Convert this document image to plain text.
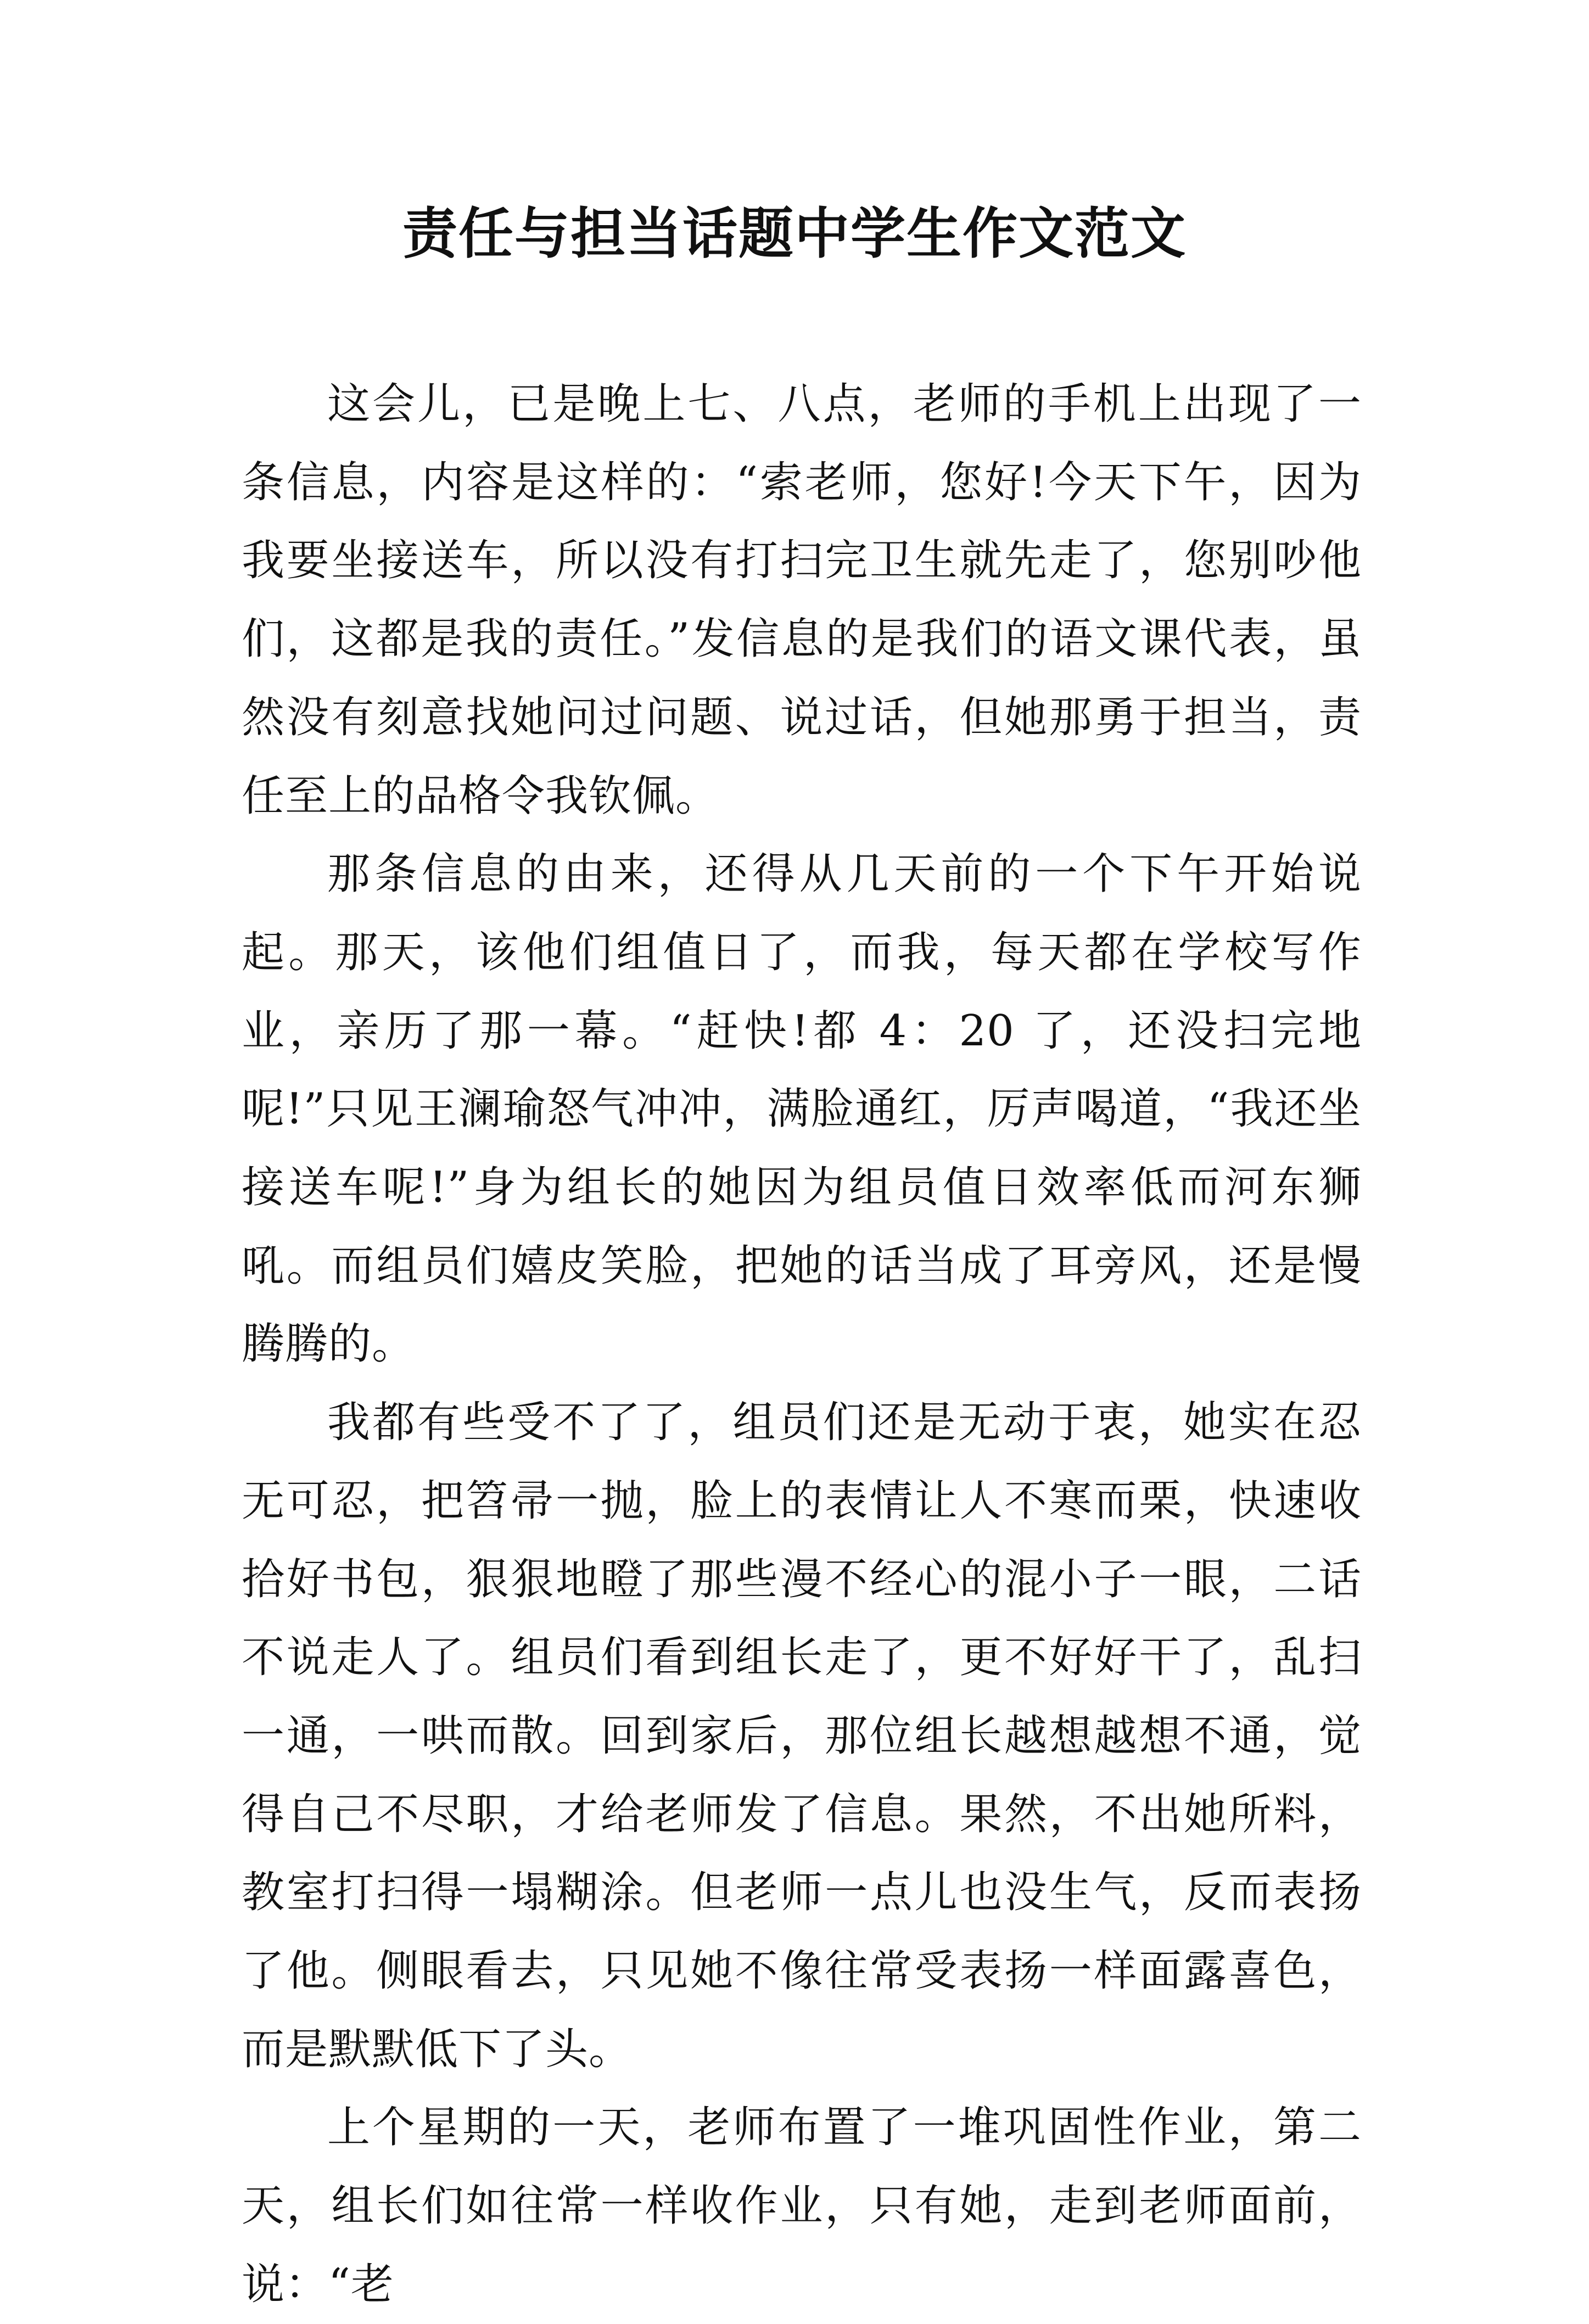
责任与担当话题中学生作文范文

这会儿，已是晚上七、八点，老师的手机上出现了一条信息，内容是这样的：“索老师，您好!今天下午，因为我要坐接送车，所以没有打扫完卫生就先走了，您别吵他们，这都是我的责任。”发信息的是我们的语文课代表，虽然没有刻意找她问过问题、说过话，但她那勇于担当，责任至上的品格令我钦佩。

那条信息的由来，还得从几天前的一个下午开始说起。那天，该他们组值日了，而我，每天都在学校写作业，亲历了那一幕。“赶快!都 4：20 了，还没扫完地呢!”只见王澜瑜怒气冲冲，满脸通红，厉声喝道，“我还坐接送车呢!”身为组长的她因为组员值日效率低而河东狮吼。而组员们嬉皮笑脸，把她的话当成了耳旁风，还是慢腾腾的。

我都有些受不了了，组员们还是无动于衷，她实在忍无可忍，把笤帚一抛，脸上的表情让人不寒而栗，快速收拾好书包，狠狠地瞪了那些漫不经心的混小子一眼，二话不说走人了。组员们看到组长走了，更不好好干了，乱扫一通，一哄而散。回到家后，那位组长越想越想不通，觉得自己不尽职，才给老师发了信息。果然，不出她所料，教室打扫得一塌糊涂。但老师一点儿也没生气，反而表扬了他。侧眼看去，只见她不像往常受表扬一样面露喜色，而是默默低下了头。

上个星期的一天，老师布置了一堆巩固性作业，第二天，组长们如往常一样收作业，只有她，走到老师面前，说：“老
